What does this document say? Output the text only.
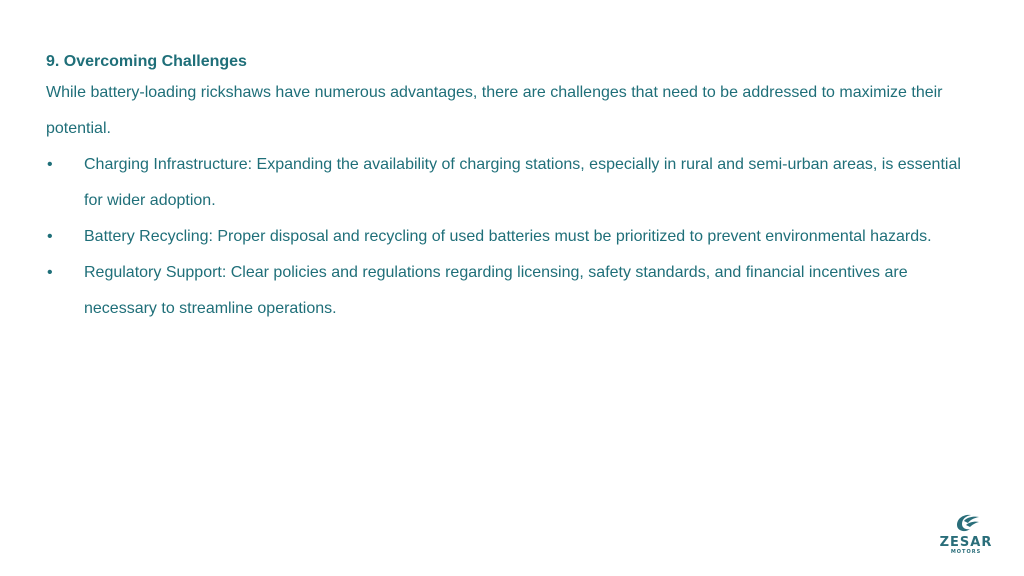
9. Overcoming Challenges

While battery-loading rickshaws have numerous advantages, there are challenges that need to be addressed to maximize their potential.

• Charging Infrastructure: Expanding the availability of charging stations, especially in rural and semi-urban areas, is essential for wider adoption.
• Battery Recycling: Proper disposal and recycling of used batteries must be prioritized to prevent environmental hazards.
• Regulatory Support: Clear policies and regulations regarding licensing, safety standards, and financial incentives are necessary to streamline operations.
ZESAR
MOTORS
